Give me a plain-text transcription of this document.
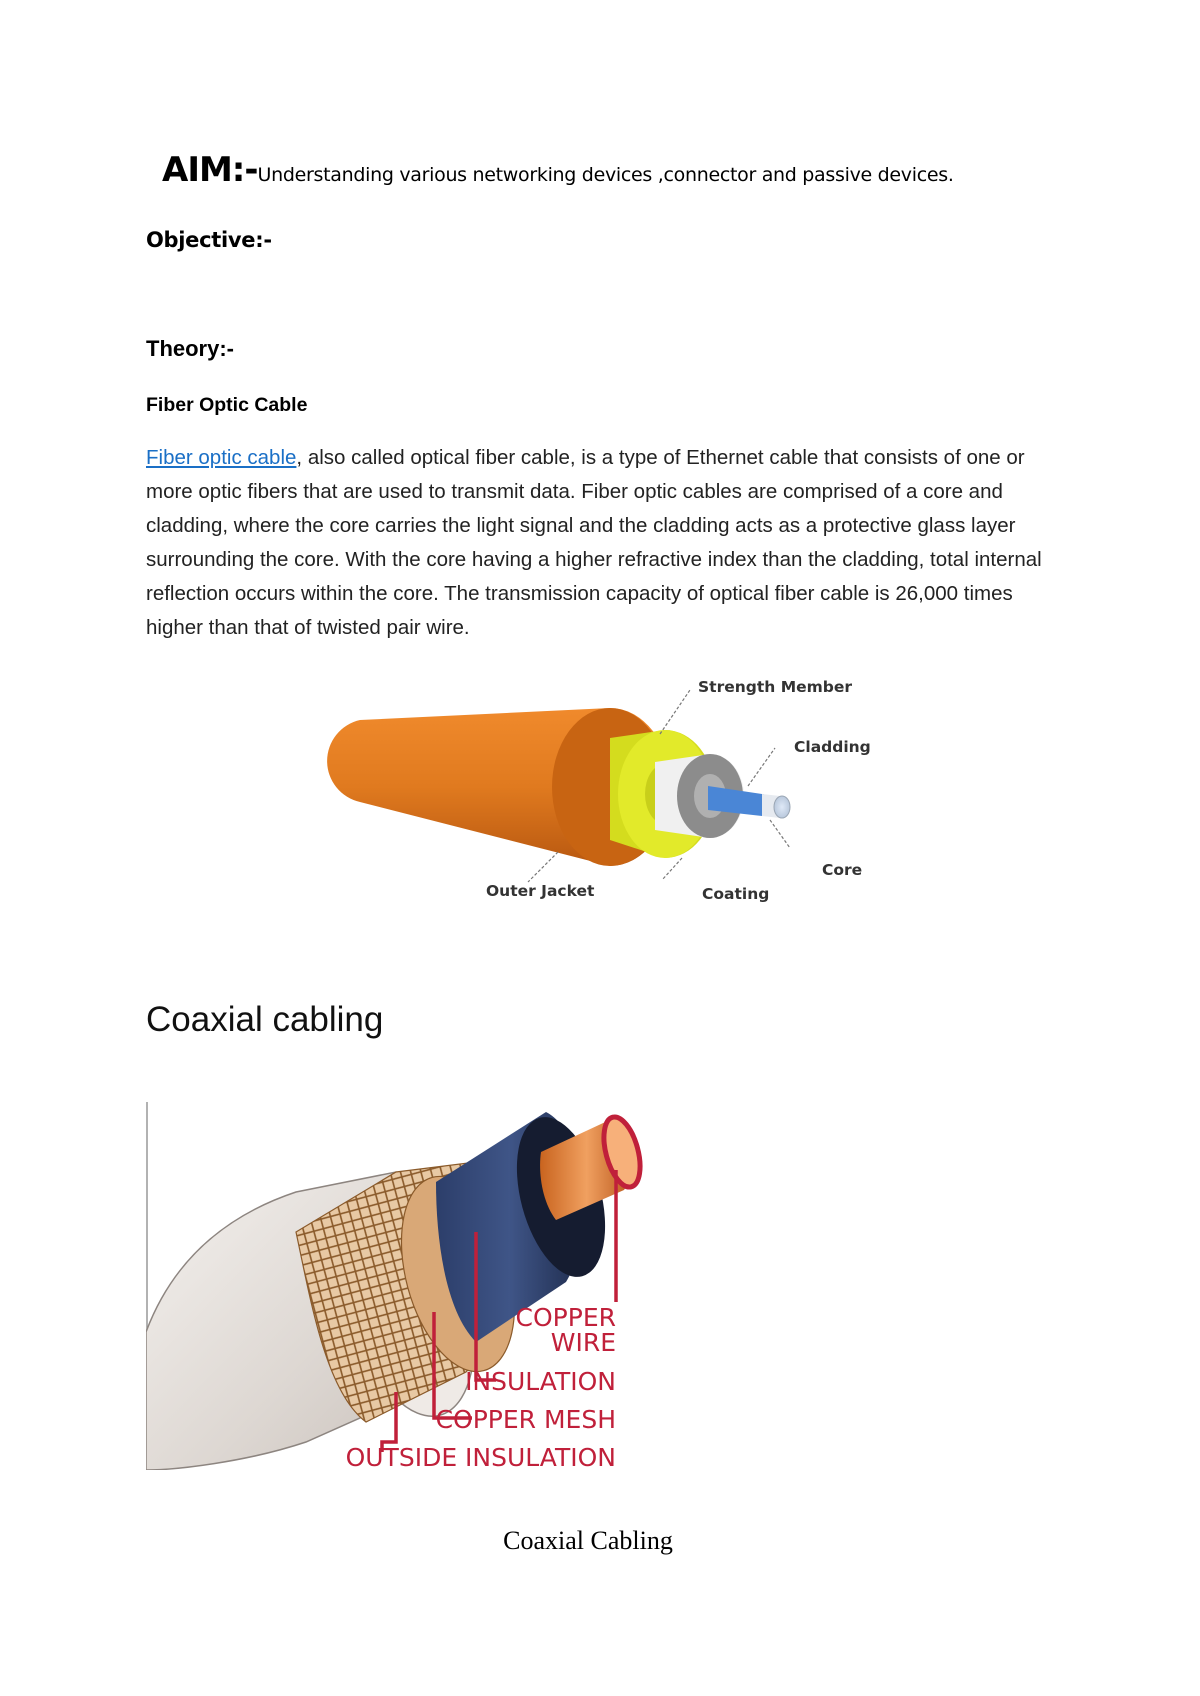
AIM:-Understanding various networking devices ,connector and passive devices.
Objective:-
Theory:-
Fiber Optic Cable
Fiber optic cable, also called optical fiber cable, is a type of Ethernet cable that consists of one or more optic fibers that are used to transmit data. Fiber optic cables are comprised of a core and cladding, where the core carries the light signal and the cladding acts as a protective glass layer surrounding the core. With the core having a higher refractive index than the cladding, total internal reflection occurs within the core. The transmission capacity of optical fiber cable is 26,000 times higher than that of twisted pair wire.
Strength Member
Cladding
Core
Outer Jacket	Coating
Coaxial cabling
COPPER
WIRE
INSULATION
COPPER MESH
OUTSIDE INSULATION
Coaxial Cabling
